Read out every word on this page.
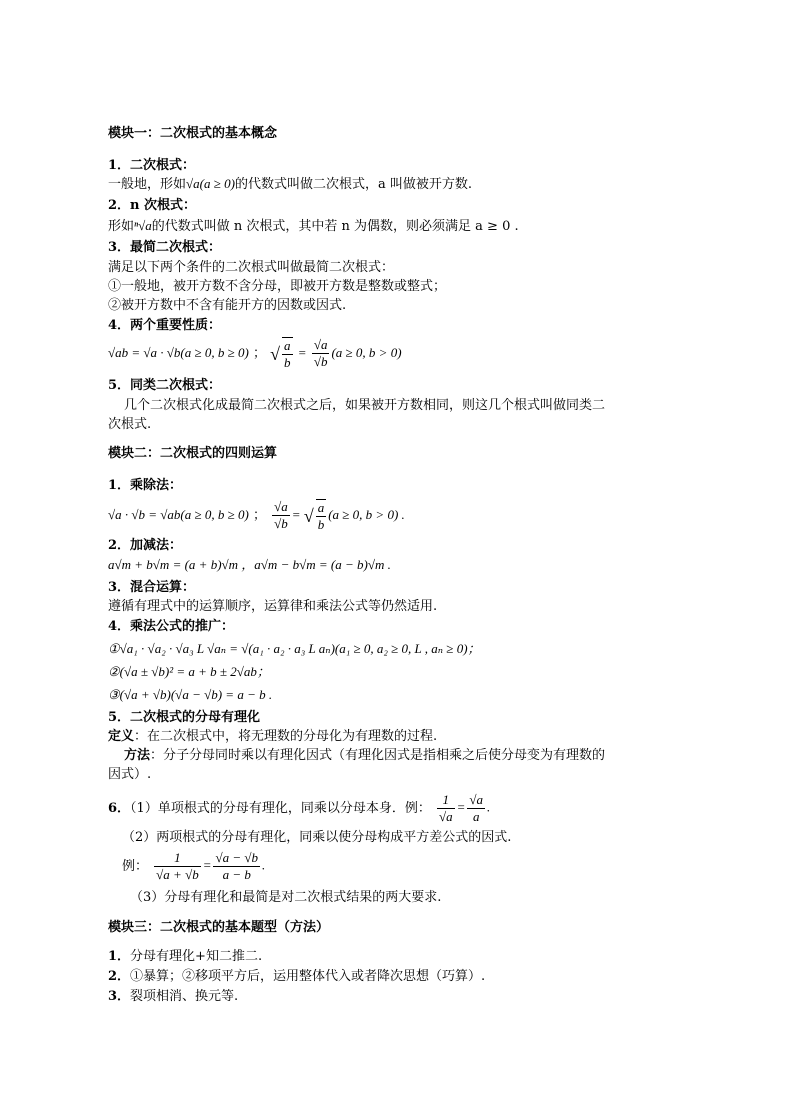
模块一：二次根式的基本概念
1．二次根式：
一般地，形如√a(a ≥ 0)的代数式叫做二次根式，a 叫做被开方数.
2．n 次根式：
形如ⁿ√a的代数式叫做 n 次根式，其中若 n 为偶数，则必须满足 a ≥ 0 .
3．最简二次根式：
满足以下两个条件的二次根式叫做最简二次根式：
①一般地，被开方数不含分母，即被开方数是整数或整式；
②被开方数中不含有能开方的因数或因式.
4．两个重要性质：
√ab = √a · √b(a ≥ 0, b ≥ 0) ； √ $\frac{a}{b} = \frac{√a}{√b} (a \ge 0$, b > 0)
5．同类二次根式：
几个二次根式化成最简二次根式之后，如果被开方数相同，则这几个根式叫做同类二
次根式.
模块二：二次根式的四则运算
1．乘除法：
√a · √b = √ab(a ≥ 0, b ≥ 0) ； $\frac{√a}{√b}$ = √ $\frac{a}{b} (a \ge 0$, b > 0) .
2．加减法：
a√m + b√m = (a + b)√m ，a√m − b√m = (a − b)√m .
3．混合运算：
遵循有理式中的运算顺序，运算律和乘法公式等仍然适用.
4．乘法公式的推广：
①√a₁ · √a₂ · √a₃ L √aₙ = √(a₁ · a₂ · a₃ L aₙ)(a₁ ≥ 0, a₂ ≥ 0, L , aₙ ≥ 0)；
②(√a ± √b)² = a + b ± 2√ab；
③(√a + √b)(√a − √b) = a − b .
5．二次根式的分母有理化
定义：在二次根式中，将无理数的分母化为有理数的过程.
方法：分子分母同时乘以有理化因式（有理化因式是指相乘之后使分母变为有理数的
因式）.
6．（1）单项根式的分母有理化，同乘以分母本身．例： $\frac{1}{√a} = \frac{√a}{a}$ .
（2）两项根式的分母有理化，同乘以使分母构成平方差公式的因式.
例： $\frac{1}{√a + √b} = \frac{√a - √b}{a - b}$ .
（3）分母有理化和最简是对二次根式结果的两大要求.
模块三：二次根式的基本题型（方法）
1．分母有理化+知二推二.
2．①暴算；②移项平方后，运用整体代入或者降次思想（巧算）.
3．裂项相消、换元等.
